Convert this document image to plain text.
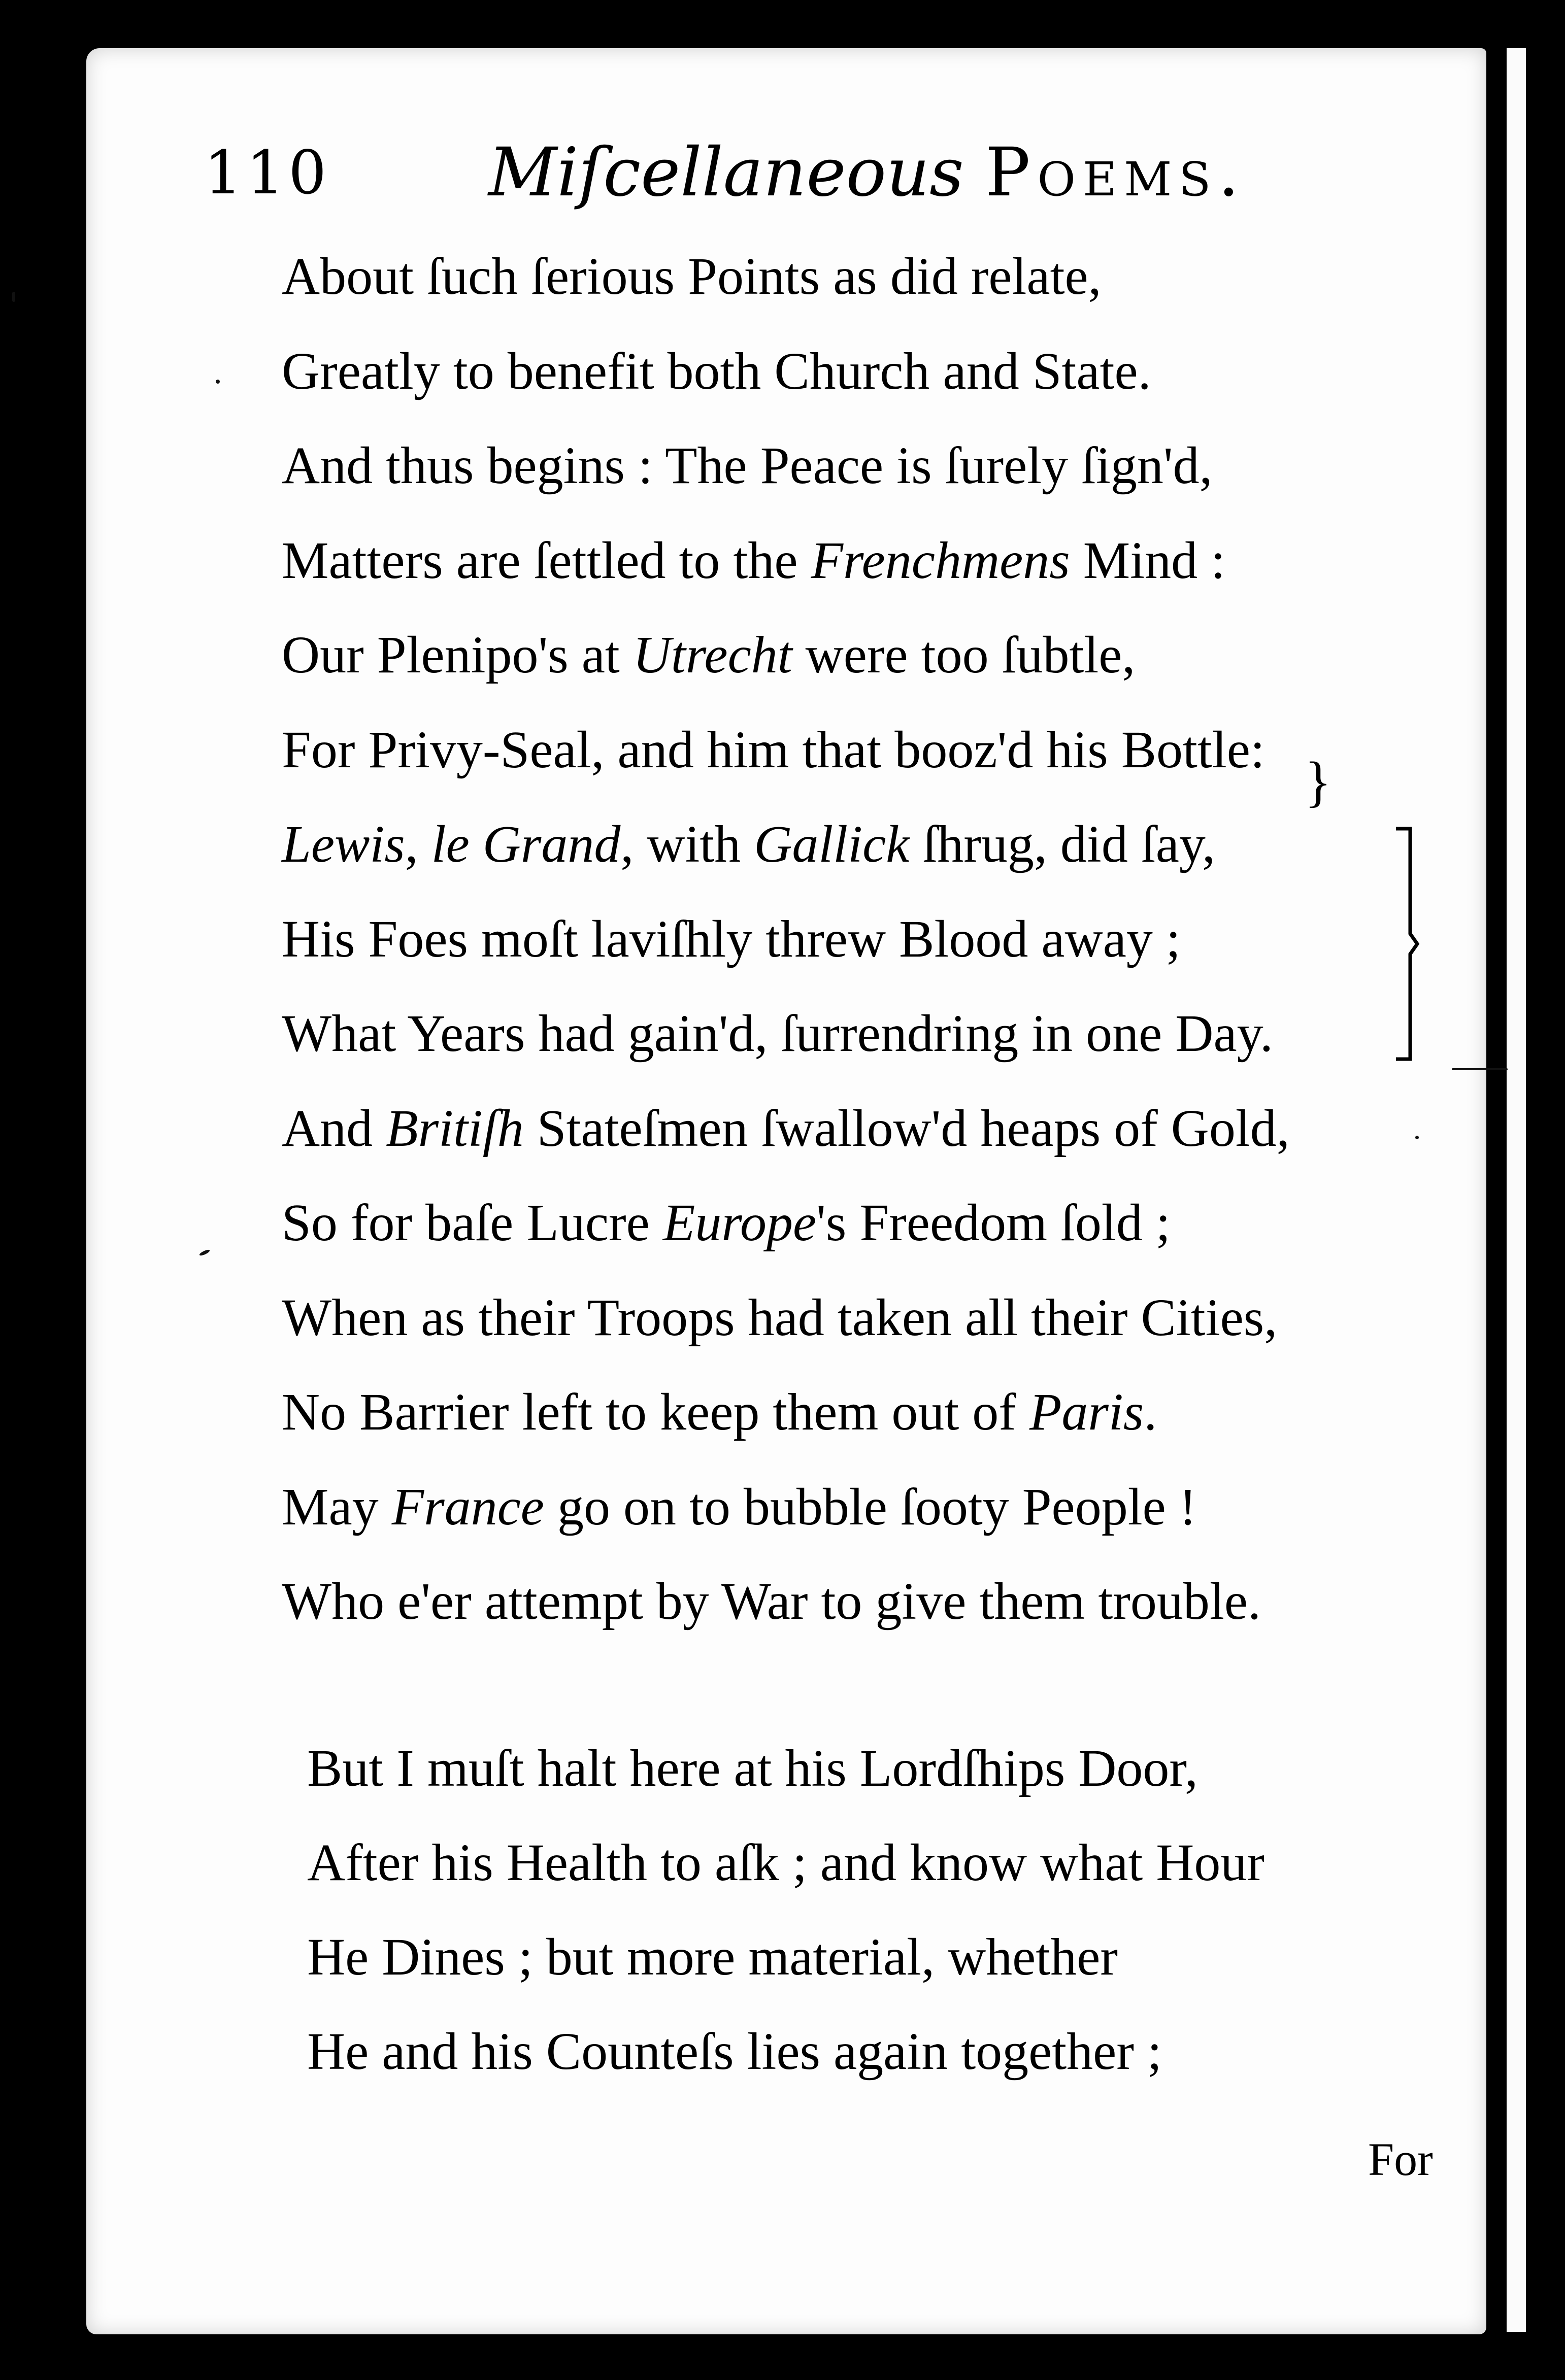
110 Miſcellaneous Poems.
About ſuch ſerious Points as did relate,
Greatly to benefit both Church and State.
And thus begins : The Peace is ſurely ſign'd,
Matters are ſettled to the Frenchmens Mind :
Our Plenipo's at Utrecht were too ſubtle,
For Privy-Seal, and him that booz'd his Bottle:
Lewis, le Grand, with Gallick ſhrug, did ſay,
His Foes moſt laviſhly threw Blood away ;
What Years had gain'd, ſurrendring in one Day.
And Britiſh Stateſmen ſwallow'd heaps of Gold,
So for baſe Lucre Europe's Freedom ſold ;
When as their Troops had taken all their Cities,
No Barrier left to keep them out of Paris.
May France go on to bubble ſooty People !
Who e'er attempt by War to give them trouble.
But I muſt halt here at his Lordſhips Door,
After his Health to aſk ; and know what Hour
He Dines ; but more material, whether
He and his Counteſs lies again together ;
}
For
